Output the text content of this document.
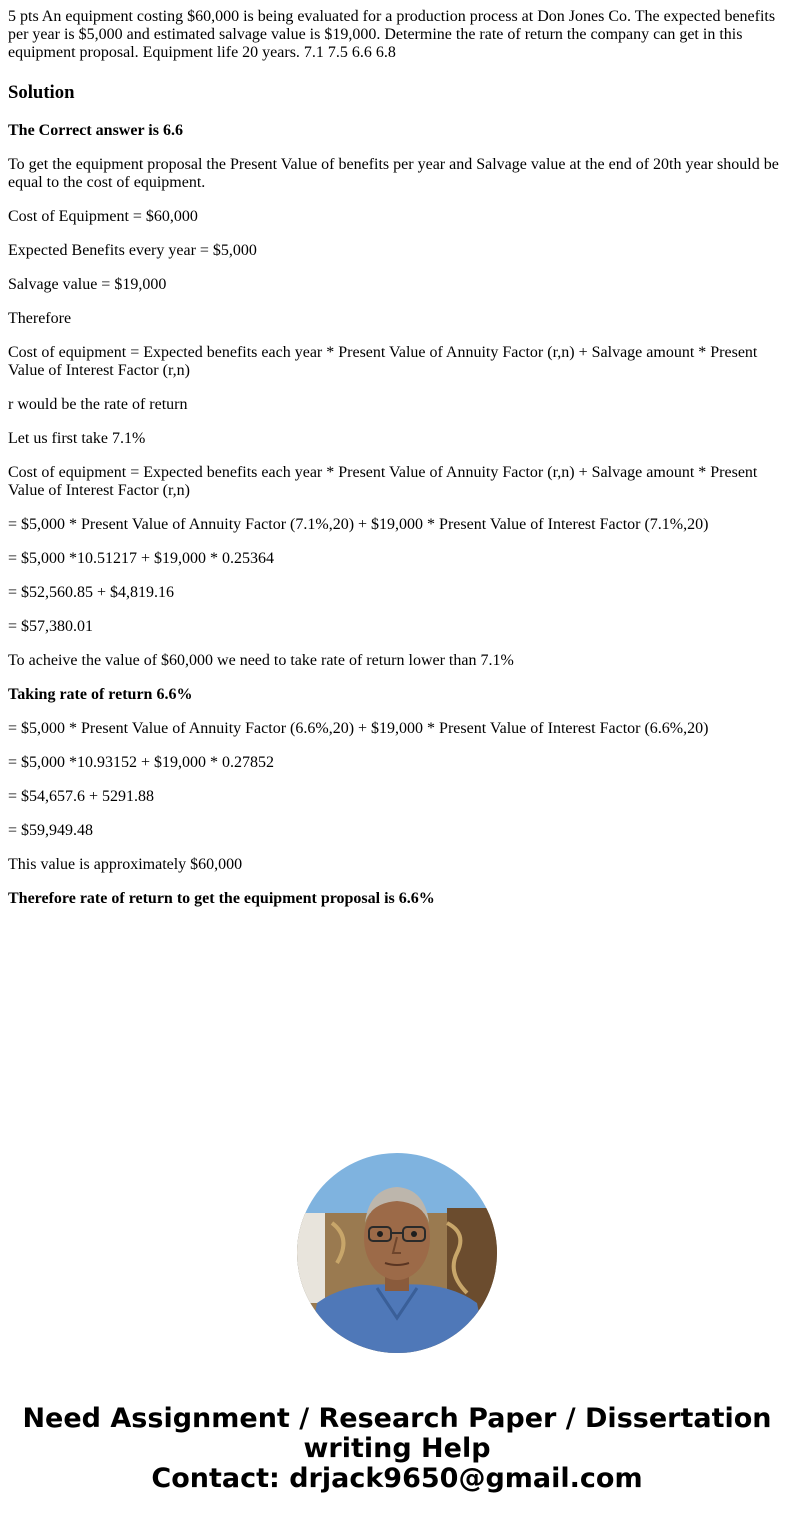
5 pts An equipment costing $60,000 is being evaluated for a production process at Don Jones Co. The expected benefits per year is $5,000 and estimated salvage value is $19,000. Determine the rate of return the company can get in this equipment proposal. Equipment life 20 years. 7.1 7.5 6.6 6.8
Solution

The Correct answer is 6.6

To get the equipment proposal the Present Value of benefits per year and Salvage value at the end of 20th year should be equal to the cost of equipment.

Cost of Equipment = $60,000

Expected Benefits every year = $5,000

Salvage value = $19,000

Therefore

Cost of equipment = Expected benefits each year * Present Value of Annuity Factor (r,n) + Salvage amount * Present Value of Interest Factor (r,n)

r would be the rate of return

Let us first take 7.1%

Cost of equipment = Expected benefits each year * Present Value of Annuity Factor (r,n) + Salvage amount * Present Value of Interest Factor (r,n)

= $5,000 * Present Value of Annuity Factor (7.1%,20) + $19,000 * Present Value of Interest Factor (7.1%,20)

= $5,000 *10.51217 + $19,000 * 0.25364

= $52,560.85 + $4,819.16

= $57,380.01

To acheive the value of $60,000 we need to take rate of return lower than 7.1%

Taking rate of return 6.6%

= $5,000 * Present Value of Annuity Factor (6.6%,20) + $19,000 * Present Value of Interest Factor (6.6%,20)

= $5,000 *10.93152 + $19,000 * 0.27852

= $54,657.6 + 5291.88

= $59,949.48

This value is approximately $60,000

Therefore rate of return to get the equipment proposal is 6.6%

Need Assignment / Research Paper / Dissertation
writing Help
Contact: drjack9650@gmail.com
